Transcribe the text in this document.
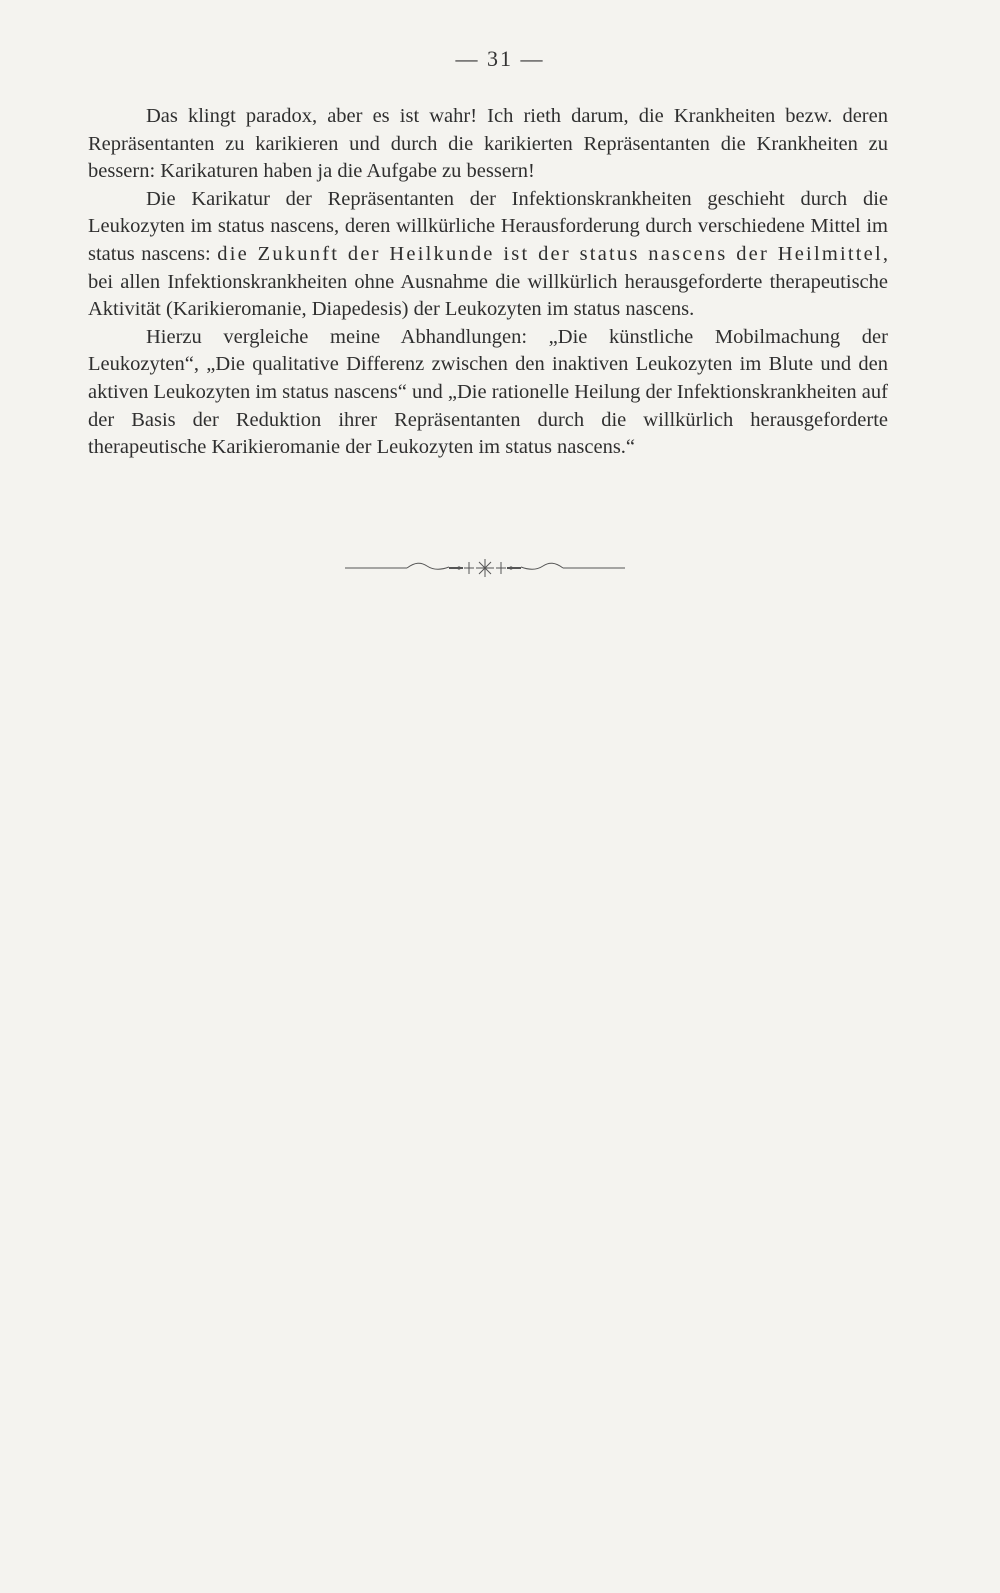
— 31 —

Das klingt paradox, aber es ist wahr! Ich rieth darum, die Krankheiten bezw. deren Repräsentanten zu karikieren und durch die karikierten Repräsentanten die Krankheiten zu bessern: Karikaturen haben ja die Aufgabe zu bessern!

Die Karikatur der Repräsentanten der Infektionskrankheiten geschieht durch die Leukozyten im status nascens, deren willkürliche Herausforderung durch verschiedene Mittel im status nascens: die Zukunft der Heilkunde ist der status nascens der Heilmittel, bei allen Infektionskrankheiten ohne Ausnahme die willkürlich herausgeforderte therapeutische Aktivität (Karikieromanie, Diapedesis) der Leukozyten im status nascens.

Hierzu vergleiche meine Abhandlungen: „Die künstliche Mobilmachung der Leukozyten“, „Die qualitative Differenz zwischen den inaktiven Leukozyten im Blute und den aktiven Leukozyten im status nascens“ und „Die rationelle Heilung der Infektionskrankheiten auf der Basis der Reduktion ihrer Repräsentanten durch die willkürlich herausgeforderte therapeutische Karikieromanie der Leukozyten im status nascens.“
